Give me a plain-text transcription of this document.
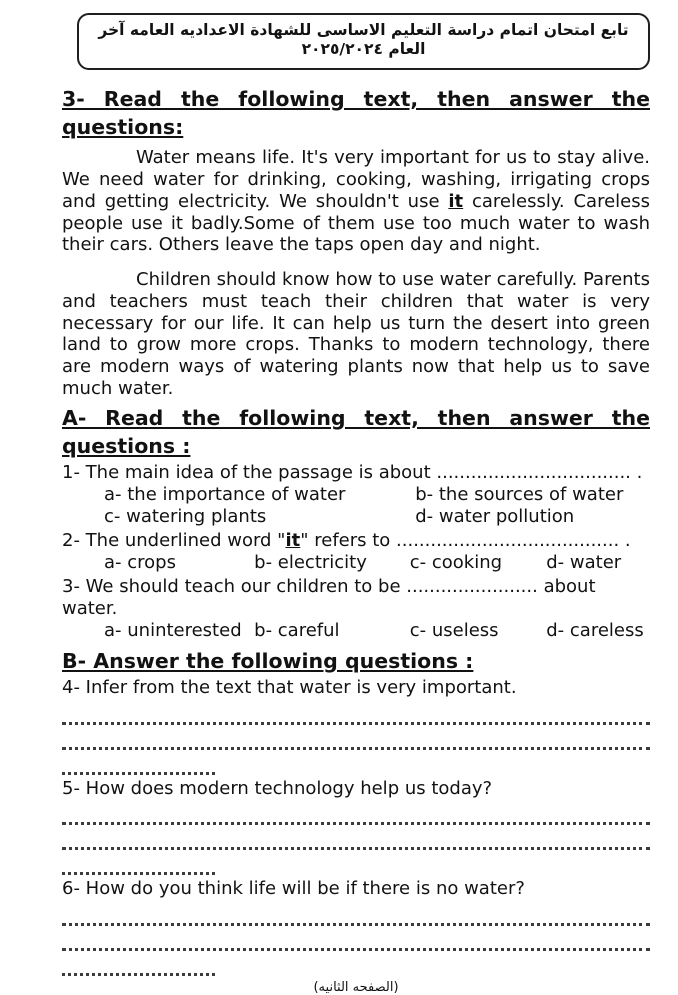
تابع امتحان اتمام دراسة التعليم الاساسى للشهادة الاعداديه العامه آخر العام ٢٠٢٥/٢٠٢٤
3- Read the following text, then answer the
questions:

Water means life. It's very important for us to stay alive. We need water for drinking, cooking, washing, irrigating crops and getting electricity. We shouldn't use it carelessly. Careless people use it badly.Some of them use too much water to wash their cars. Others leave the taps open day and night.

Children should know how to use water carefully. Parents and teachers must teach their children that water is very necessary for our life. It can help us turn the desert into green land to grow more crops. Thanks to modern technology, there are modern ways of watering plants now that help us to save much water.

A- Read the following text, then answer the
questions :
1- The main idea of the passage is about .................................. .
a- the importance of water	b- the sources of water
c- watering plants	d- water pollution
2- The underlined word "it" refers to ....................................... .
a- crops	b- electricity	c- cooking	d- water
3- We should teach our children to be ....................... about water.
a- uninterested b- careful	c- useless	d- careless
B- Answer the following questions :
4- Infer from the text that water is very important.
5- How does modern technology help us today?
6- How do you think life will be if there is no water?
(الصفحه الثانيه)
